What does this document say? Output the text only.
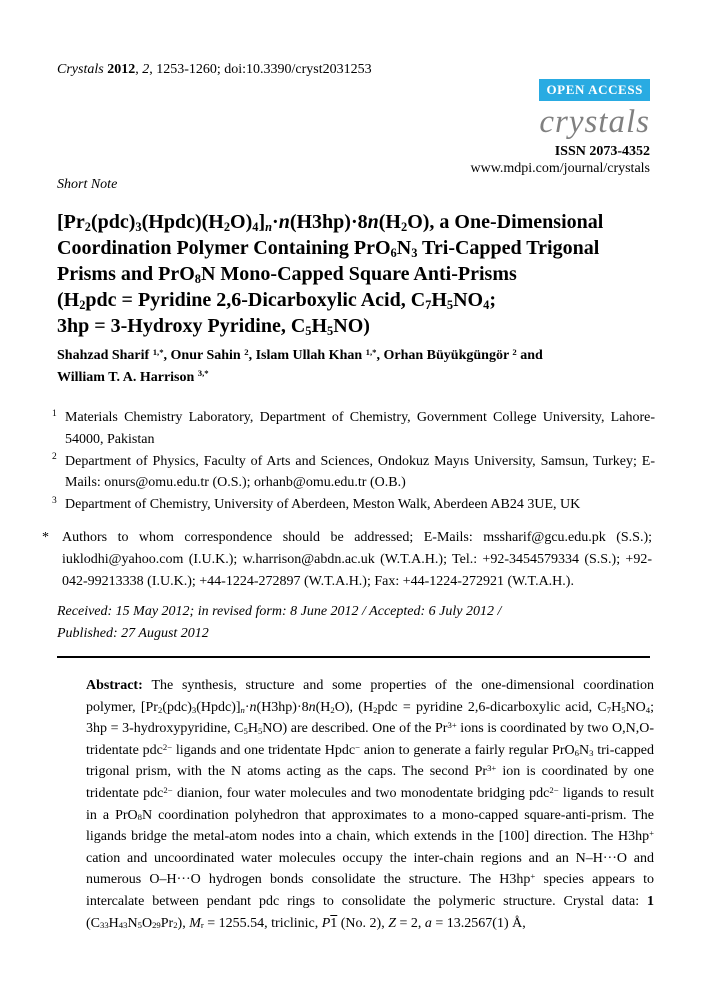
Crystals 2012, 2, 1253-1260; doi:10.3390/cryst2031253
OPEN ACCESS
crystals
ISSN 2073-4352
www.mdpi.com/journal/crystals
Short Note
[Pr2(pdc)3(Hpdc)(H2O)4]n·n(H3hp)·8n(H2O), a One-Dimensional
Coordination Polymer Containing PrO6N3 Tri-Capped Trigonal
Prisms and PrO8N Mono-Capped Square Anti-Prisms
(H2pdc = Pyridine 2,6-Dicarboxylic Acid, C7H5NO4;
3hp = 3-Hydroxy Pyridine, C5H5NO)
Shahzad Sharif $^{1,*}$, Onur Sahin $^2$, Islam Ullah Khan $^{1,*}$, Orhan Büyükgüngör $^2$ and
William T. A. Harrison $^{3,*}$
1 Materials Chemistry Laboratory, Department of Chemistry, Government College University, Lahore-54000, Pakistan
2 Department of Physics, Faculty of Arts and Sciences, Ondokuz Mayıs University, Samsun, Turkey; E-Mails: onurs@omu.edu.tr (O.S.); orhanb@omu.edu.tr (O.B.)
3 Department of Chemistry, University of Aberdeen, Meston Walk, Aberdeen AB24 3UE, UK
* Authors to whom correspondence should be addressed; E-Mails: mssharif@gcu.edu.pk (S.S.); iuklodhi@yahoo.com (I.U.K.); w.harrison@abdn.ac.uk (W.T.A.H.); Tel.: +92-3454579334 (S.S.); +92-042-99213338 (I.U.K.); +44-1224-272897 (W.T.A.H.); Fax: +44-1224-272921 (W.T.A.H.).
Received: 15 May 2012; in revised form: 8 June 2012 / Accepted: 6 July 2012 /
Published: 27 August 2012
Abstract: The synthesis, structure and some properties of the one-dimensional coordination polymer, [Pr2(pdc)3(Hpdc)]n·n(H3hp)·8n(H2O), (H2pdc = pyridine 2,6-dicarboxylic acid, C7H5NO4; 3hp = 3-hydroxypyridine, C5H5NO) are described. One of the $Pr^{3+}$ ions is coordinated by two O,N,O-tridentate pdc$^{2-}$ ligands and one tridentate Hpdc− anion to generate a fairly regular PrO6N3 tri-capped trigonal prism, with the N atoms acting as the caps. The second $Pr^{3+}$ ion is coordinated by one tridentate pdc$^{2-}$ dianion, four water molecules and two monodentate bridging pdc$^{2-}$ ligands to result in a PrO8N coordination polyhedron that approximates to a mono-capped square-anti-prism. The ligands bridge the metal-atom nodes into a chain, which extends in the [100] direction. The H3hp+ cation and uncoordinated water molecules occupy the inter-chain regions and an N–H···O and numerous O–H···O hydrogen bonds consolidate the structure. The H3hp+ species appears to intercalate between pendant pdc rings to consolidate the polymeric structure. Crystal data: 1 (C33H43N5O29Pr2), Mr = 1255.54, triclinic, P1 (No. 2), Z = 2, a = 13.2567(1) Å,
